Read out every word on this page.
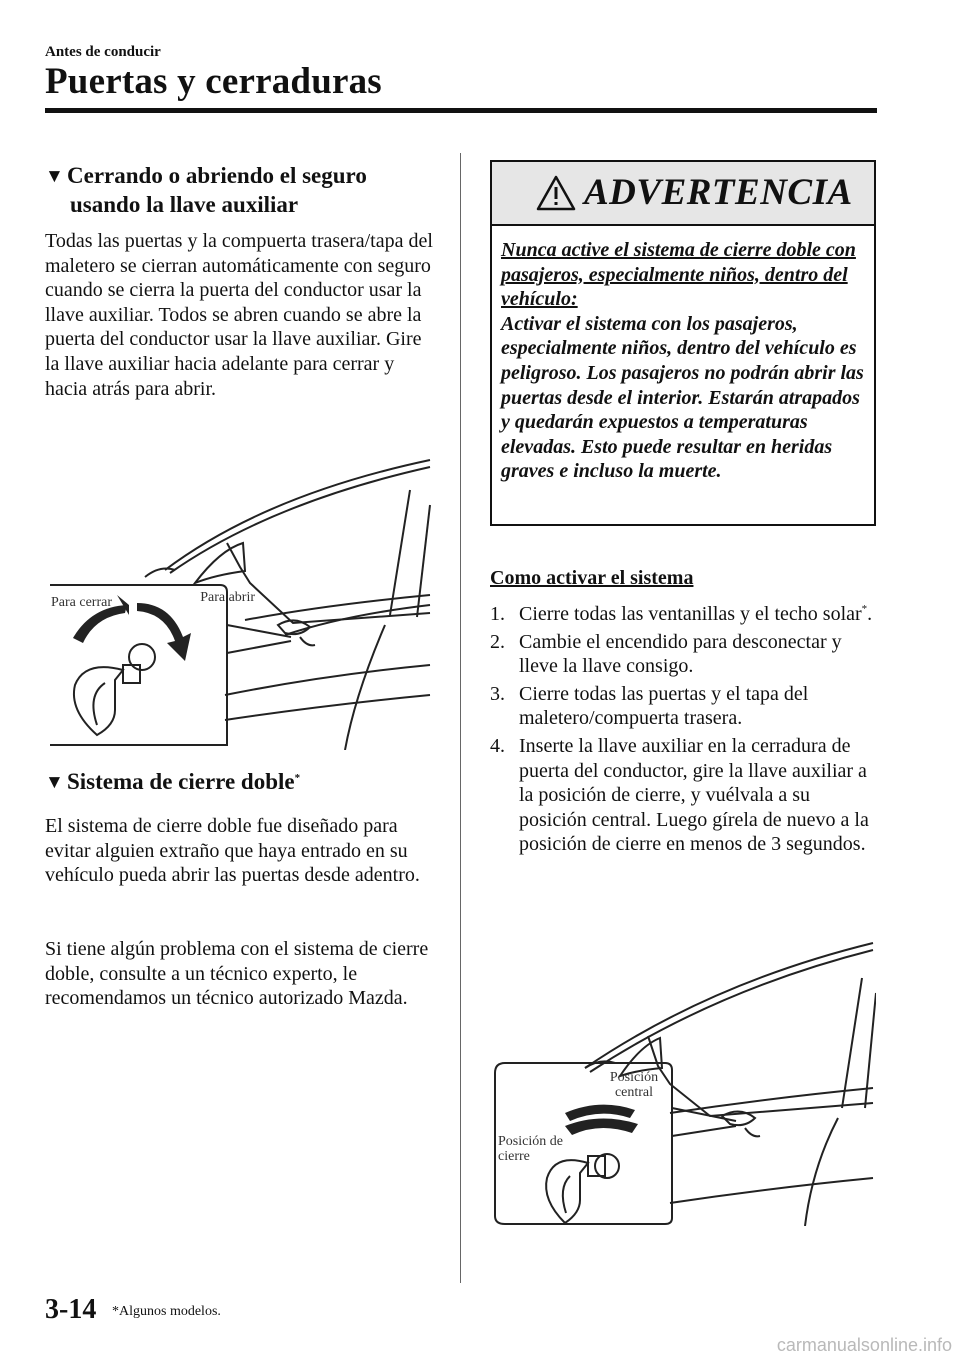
Antes de conducir
Puertas y cerraduras
▼ Cerrando o abriendo el seguro
usando la llave auxiliar
Todas las puertas y la compuerta trasera/tapa del maletero se cierran automáticamente con seguro cuando se cierra la puerta del conductor usar la llave auxiliar. Todos se abren cuando se abre la puerta del conductor usar la llave auxiliar. Gire la llave auxiliar hacia adelante para cerrar y hacia atrás para abrir.
Para cerrar	Para abrir
▼ Sistema de cierre doble*
El sistema de cierre doble fue diseñado para evitar alguien extraño que haya entrado en su vehículo pueda abrir las puertas desde adentro.
Si tiene algún problema con el sistema de cierre doble, consulte a un técnico experto, le recomendamos un técnico autorizado Mazda.
ADVERTENCIA
Nunca active el sistema de cierre doble con pasajeros, especialmente niños, dentro del vehículo:
Activar el sistema con los pasajeros, especialmente niños, dentro del vehículo es peligroso. Los pasajeros no podrán abrir las puertas desde el interior. Estarán atrapados y quedarán expuestos a temperaturas elevadas. Esto puede resultar en heridas graves e incluso la muerte.
Como activar el sistema
1. Cierre todas las ventanillas y el techo solar*.
2. Cambie el encendido para desconectar y lleve la llave consigo.
3. Cierre todas las puertas y el tapa del maletero/compuerta trasera.
4. Inserte la llave auxiliar en la cerradura de puerta del conductor, gire la llave auxiliar a la posición de cierre, y vuélvala a su posición central. Luego gírela de nuevo a la posición de cierre en menos de 3 segundos.
Posición central
Posición de cierre
3-14 *Algunos modelos.
carmanualsonline.info
